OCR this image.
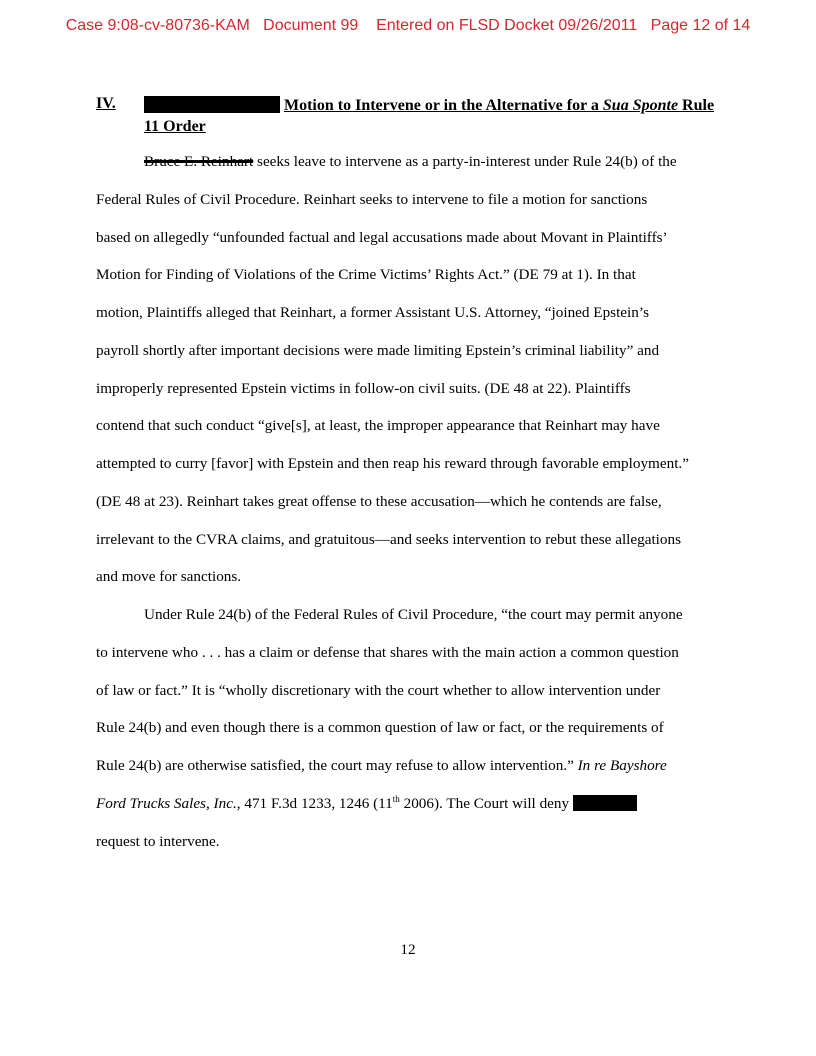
Case 9:08-cv-80736-KAM Document 99 Entered on FLSD Docket 09/26/2011 Page 12 of 14
IV.	Motion to Intervene or in the Alternative for a Sua Sponte Rule
11 Order
Bruce E. Reinhart seeks leave to intervene as a party-in-interest under Rule 24(b) of the
Federal Rules of Civil Procedure. Reinhart seeks to intervene to file a motion for sanctions
based on allegedly “unfounded factual and legal accusations made about Movant in Plaintiffs’
Motion for Finding of Violations of the Crime Victims’ Rights Act.” (DE 79 at 1). In that
motion, Plaintiffs alleged that Reinhart, a former Assistant U.S. Attorney, “joined Epstein’s
payroll shortly after important decisions were made limiting Epstein’s criminal liability” and
improperly represented Epstein victims in follow-on civil suits. (DE 48 at 22). Plaintiffs
contend that such conduct “give[s], at least, the improper appearance that Reinhart may have
attempted to curry [favor] with Epstein and then reap his reward through favorable employment.”
(DE 48 at 23). Reinhart takes great offense to these accusation—which he contends are false,
irrelevant to the CVRA claims, and gratuitous—and seeks intervention to rebut these allegations
and move for sanctions.
Under Rule 24(b) of the Federal Rules of Civil Procedure, “the court may permit anyone
to intervene who . . . has a claim or defense that shares with the main action a common question
of law or fact.” It is “wholly discretionary with the court whether to allow intervention under
Rule 24(b) and even though there is a common question of law or fact, or the requirements of
Rule 24(b) are otherwise satisfied, the court may refuse to allow intervention.” In re Bayshore
Ford Trucks Sales, Inc., 471 F.3d 1233, 1246 (11th 2006). The Court will deny
request to intervene.
12
